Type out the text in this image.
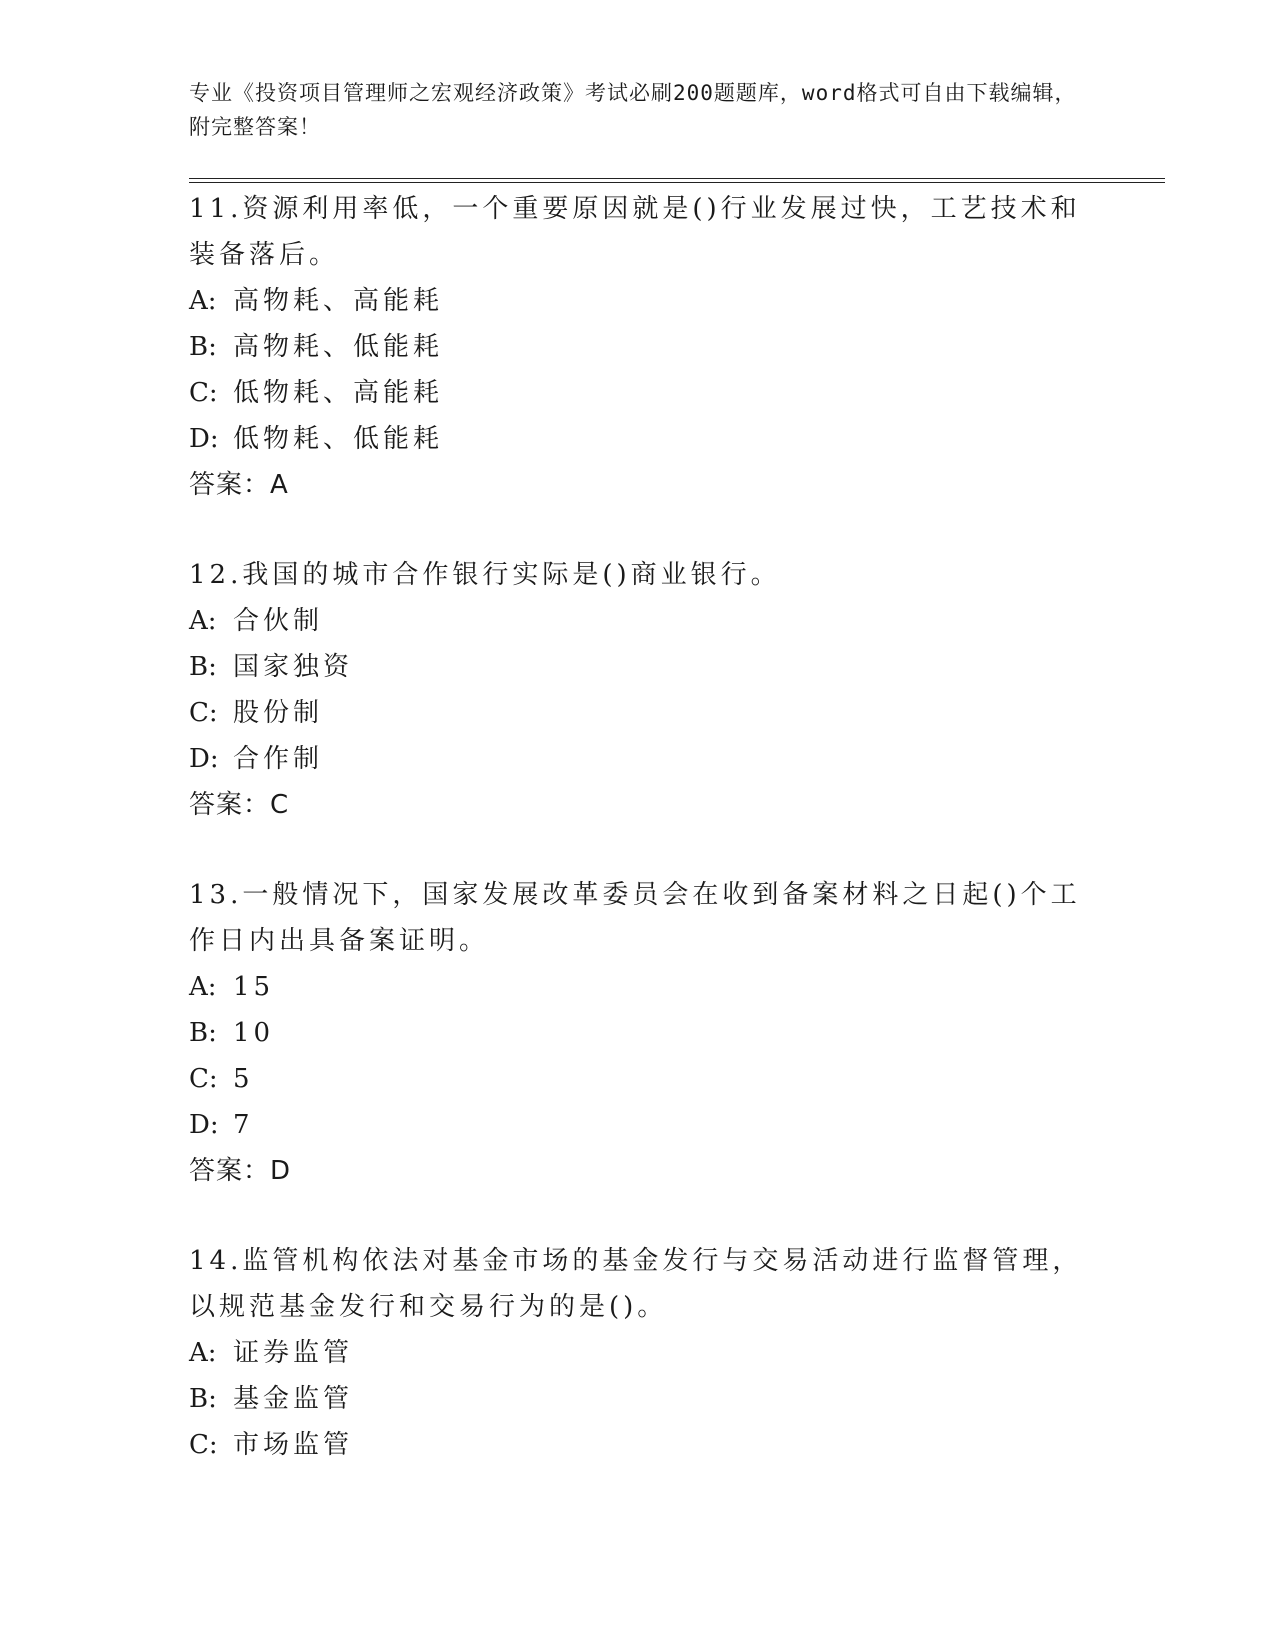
专业《投资项目管理师之宏观经济政策》考试必刷200题题库，word格式可自由下载编辑，附完整答案！
11.资源利用率低，一个重要原因就是()行业发展过快，工艺技术和装备落后。
A: 高物耗、高能耗
B: 高物耗、低能耗
C: 低物耗、高能耗
D: 低物耗、低能耗
答案：A
12.我国的城市合作银行实际是()商业银行。
A: 合伙制
B: 国家独资
C: 股份制
D: 合作制
答案：C
13.一般情况下，国家发展改革委员会在收到备案材料之日起()个工作日内出具备案证明。
A: 15
B: 10
C: 5
D: 7
答案：D
14.监管机构依法对基金市场的基金发行与交易活动进行监督管理，以规范基金发行和交易行为的是()。
A: 证券监管
B: 基金监管
C: 市场监管
